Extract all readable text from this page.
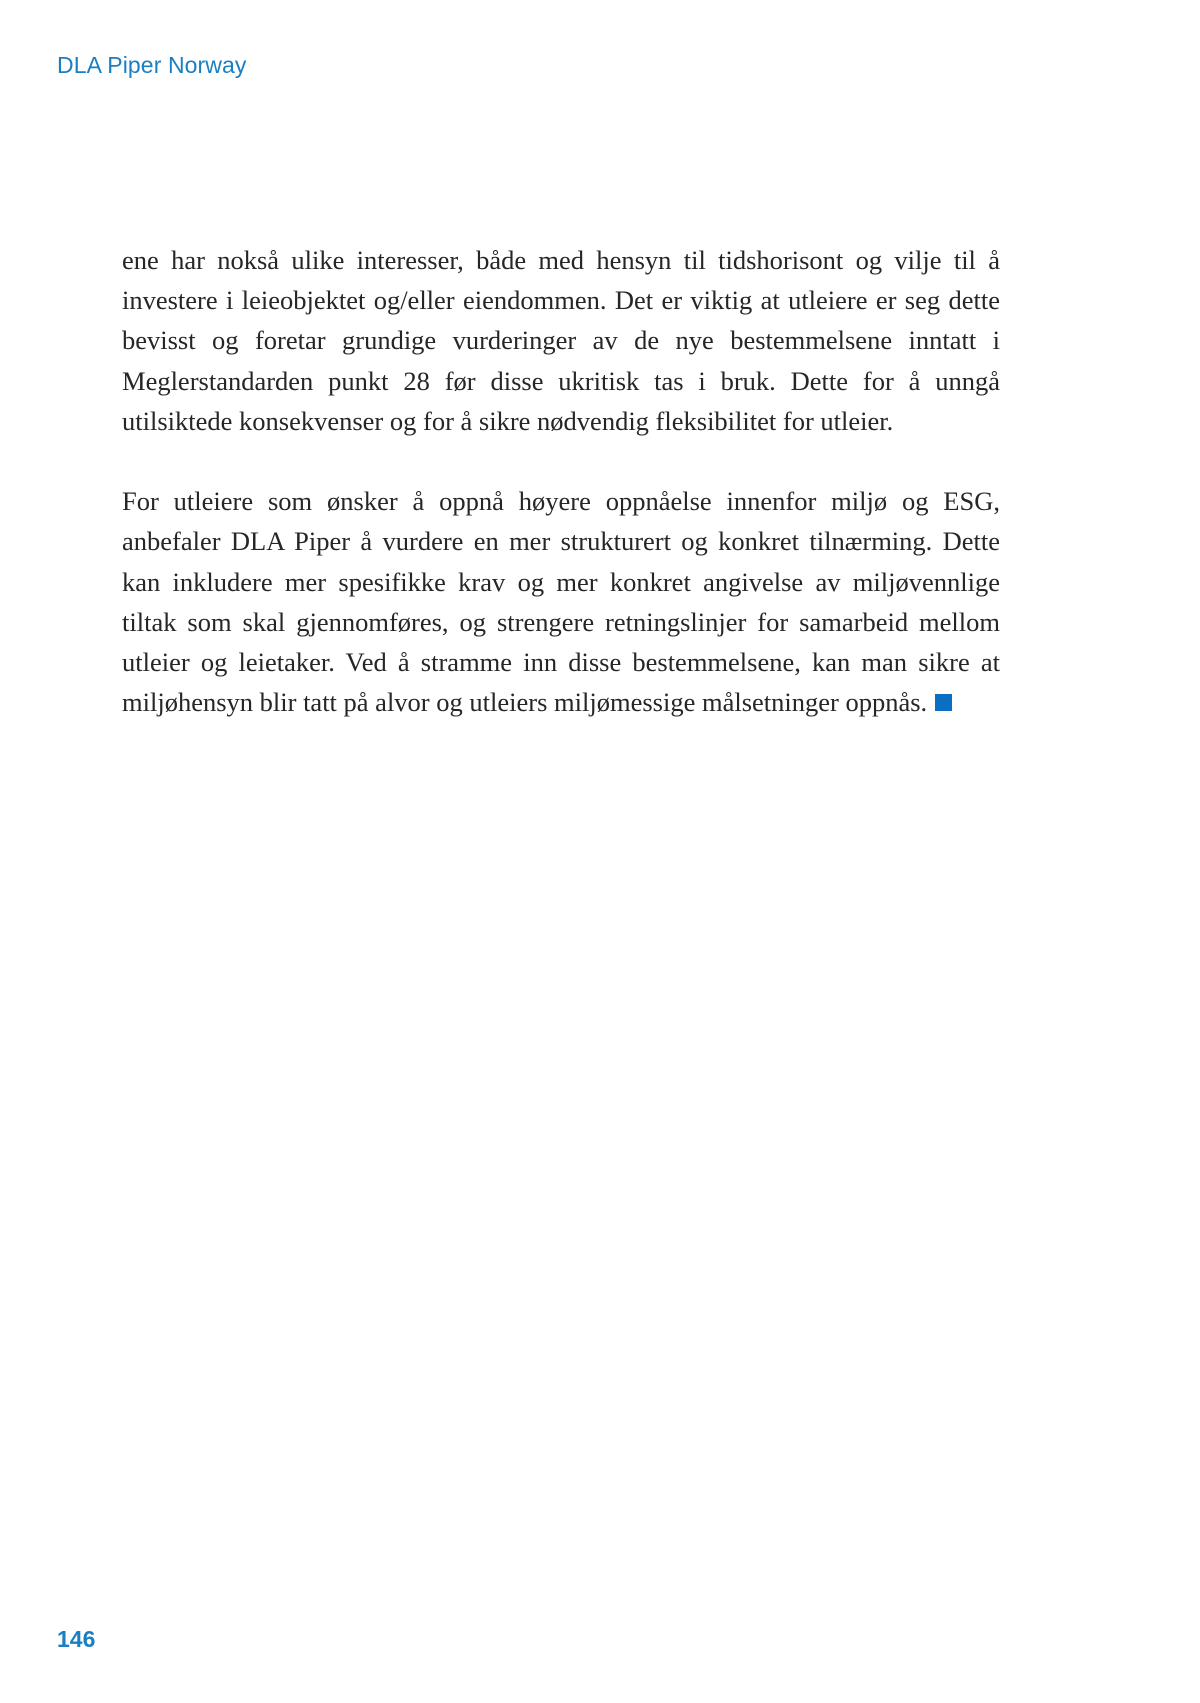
DLA Piper Norway

ene har nokså ulike interesser, både med hensyn til tidshorisont og vilje til å investere i leieobjektet og/eller eiendommen. Det er viktig at utleiere er seg dette bevisst og foretar grundige vurderinger av de nye bestemmelsene inntatt i Meglerstandarden punkt 28 før disse ukritisk tas i bruk. Dette for å unngå utilsiktede konsekvenser og for å sikre nødvendig fleksibilitet for utleier.

For utleiere som ønsker å oppnå høyere oppnåelse innenfor miljø og ESG, anbefaler DLA Piper å vurdere en mer strukturert og konkret tilnærming. Dette kan inkludere mer spesifikke krav og mer konkret angivelse av miljøvennlige tiltak som skal gjennomføres, og strengere retningslinjer for samarbeid mellom utleier og leietaker. Ved å stramme inn disse bestemmelsene, kan man sikre at miljøhensyn blir tatt på alvor og utleiers miljømessige målsetninger oppnås.

146
